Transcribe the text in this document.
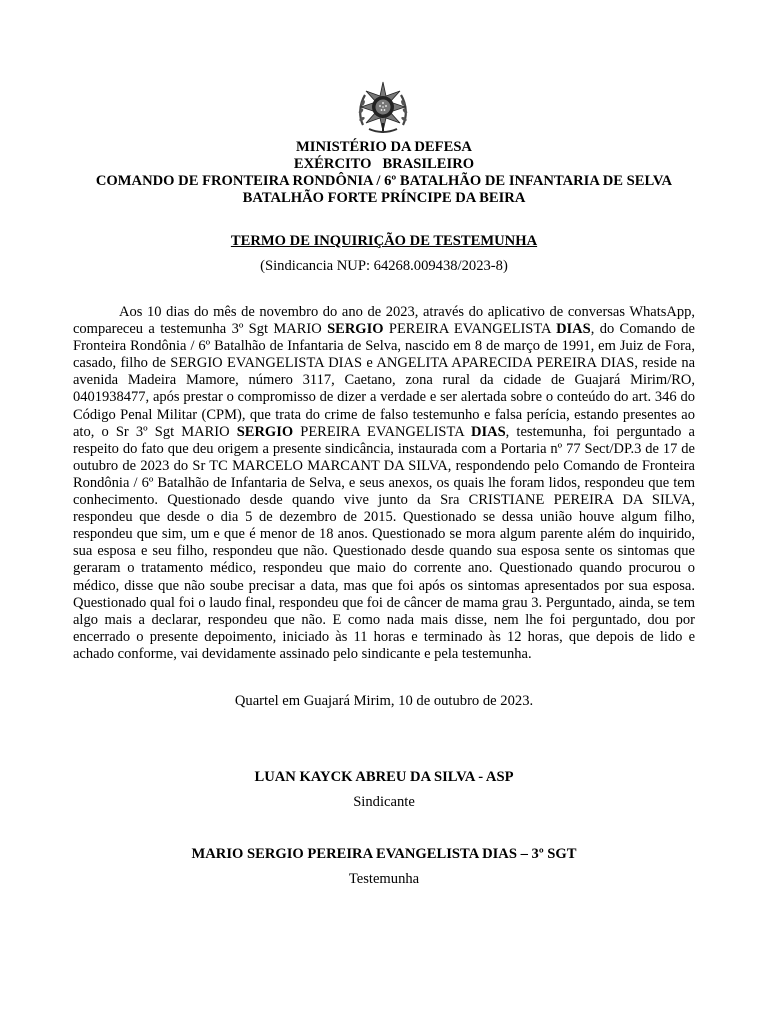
MINISTÉRIO DA DEFESA
EXÉRCITO   BRASILEIRO
COMANDO DE FRONTEIRA RONDÔNIA / 6º BATALHÃO DE INFANTARIA DE SELVA
BATALHÃO FORTE PRÍNCIPE DA BEIRA
TERMO DE INQUIRIÇÃO DE TESTEMUNHA
(Sindicancia NUP: 64268.009438/2023-8)
Aos 10 dias do mês de novembro do ano de 2023, através do aplicativo de conversas WhatsApp, compareceu a testemunha 3º Sgt MARIO SERGIO PEREIRA EVANGELISTA DIAS, do Comando de Fronteira Rondônia / 6º Batalhão de Infantaria de Selva, nascido em 8 de março de 1991, em Juiz de Fora, casado, filho de SERGIO EVANGELISTA DIAS e ANGELITA APARECIDA PEREIRA DIAS, reside na avenida Madeira Mamore, número 3117, Caetano, zona rural da cidade de Guajará Mirim/RO, 0401938477, após prestar o compromisso de dizer a verdade e ser alertada sobre o conteúdo do art. 346 do Código Penal Militar (CPM), que trata do crime de falso testemunho e falsa perícia, estando presentes ao ato, o Sr 3º Sgt MARIO SERGIO PEREIRA EVANGELISTA DIAS, testemunha, foi perguntado a respeito do fato que deu origem a presente sindicância, instaurada com a Portaria nº 77 Sect/DP.3 de 17 de outubro de 2023 do Sr TC MARCELO MARCANT DA SILVA, respondendo pelo Comando de Fronteira Rondônia / 6º Batalhão de Infantaria de Selva, e seus anexos, os quais lhe foram lidos, respondeu que tem conhecimento. Questionado desde quando vive junto da Sra CRISTIANE PEREIRA DA SILVA, respondeu que desde o dia 5 de dezembro de 2015. Questionado se dessa união houve algum filho, respondeu que sim, um e que é menor de 18 anos. Questionado se mora algum parente além do inquirido, sua esposa e seu filho, respondeu que não. Questionado desde quando sua esposa sente os sintomas que geraram o tratamento médico, respondeu que maio do corrente ano. Questionado quando procurou o médico, disse que não soube precisar a data, mas que foi após os sintomas apresentados por sua esposa. Questionado qual foi o laudo final, respondeu que foi de câncer de mama grau 3. Perguntado, ainda, se tem algo mais a declarar, respondeu que não. E como nada mais disse, nem lhe foi perguntado, dou por encerrado o presente depoimento, iniciado às 11 horas e terminado às 12 horas, que depois de lido e achado conforme, vai devidamente assinado pelo sindicante e pela testemunha.
Quartel em Guajará Mirim, 10 de outubro de 2023.
LUAN KAYCK ABREU DA SILVA - ASP
Sindicante
MARIO SERGIO PEREIRA EVANGELISTA DIAS – 3º SGT
Testemunha
